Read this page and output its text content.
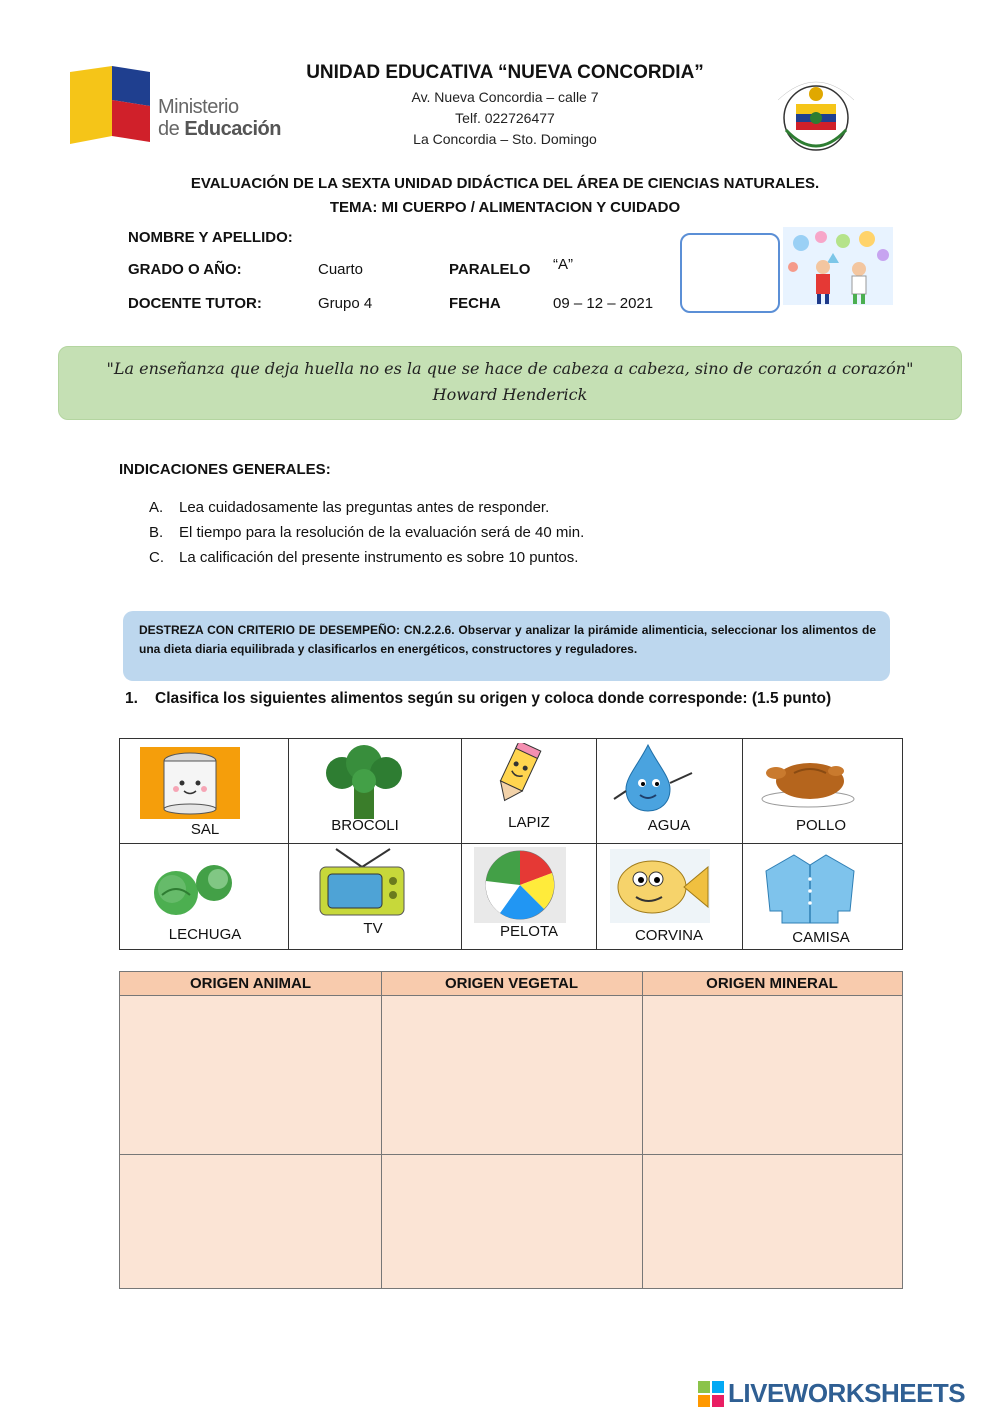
Ministerio
de Educación
UNIDAD EDUCATIVA “NUEVA CONCORDIA”
Av. Nueva Concordia – calle 7
Telf. 022726477
La Concordia – Sto. Domingo
EVALUACIÓN DE LA SEXTA UNIDAD DIDÁCTICA DEL ÁREA DE CIENCIAS NATURALES.
TEMA: MI CUERPO / ALIMENTACION Y CUIDADO
NOMBRE Y APELLIDO:
GRADO O AÑO:	Cuarto	PARALELO “A”
DOCENTE TUTOR:	Grupo 4	FECHA	09 – 12 – 2021
"La enseñanza que deja huella no es la que se hace de cabeza a cabeza, sino de corazón a corazón"
Howard Henderick
INDICACIONES GENERALES:
A. Lea cuidadosamente las preguntas antes de responder.
B. El tiempo para la resolución de la evaluación será de 40 min.
C. La calificación del presente instrumento es sobre 10 puntos.
DESTREZA CON CRITERIO DE DESEMPEÑO: CN.2.2.6. Observar y analizar la pirámide alimenticia, seleccionar los alimentos de una dieta diaria equilibrada y clasificarlos en energéticos, constructores y reguladores.
1. Clasifica los siguientes alimentos según su origen y coloca donde corresponde: (1.5 punto)
SAL	BROCOLI	LAPIZ	AGUA	POLLO
LECHUGA	TV	PELOTA	CORVINA	CAMISA
ORIGEN ANIMAL	ORIGEN VEGETAL	ORIGEN MINERAL
LIVEWORKSHEETS
